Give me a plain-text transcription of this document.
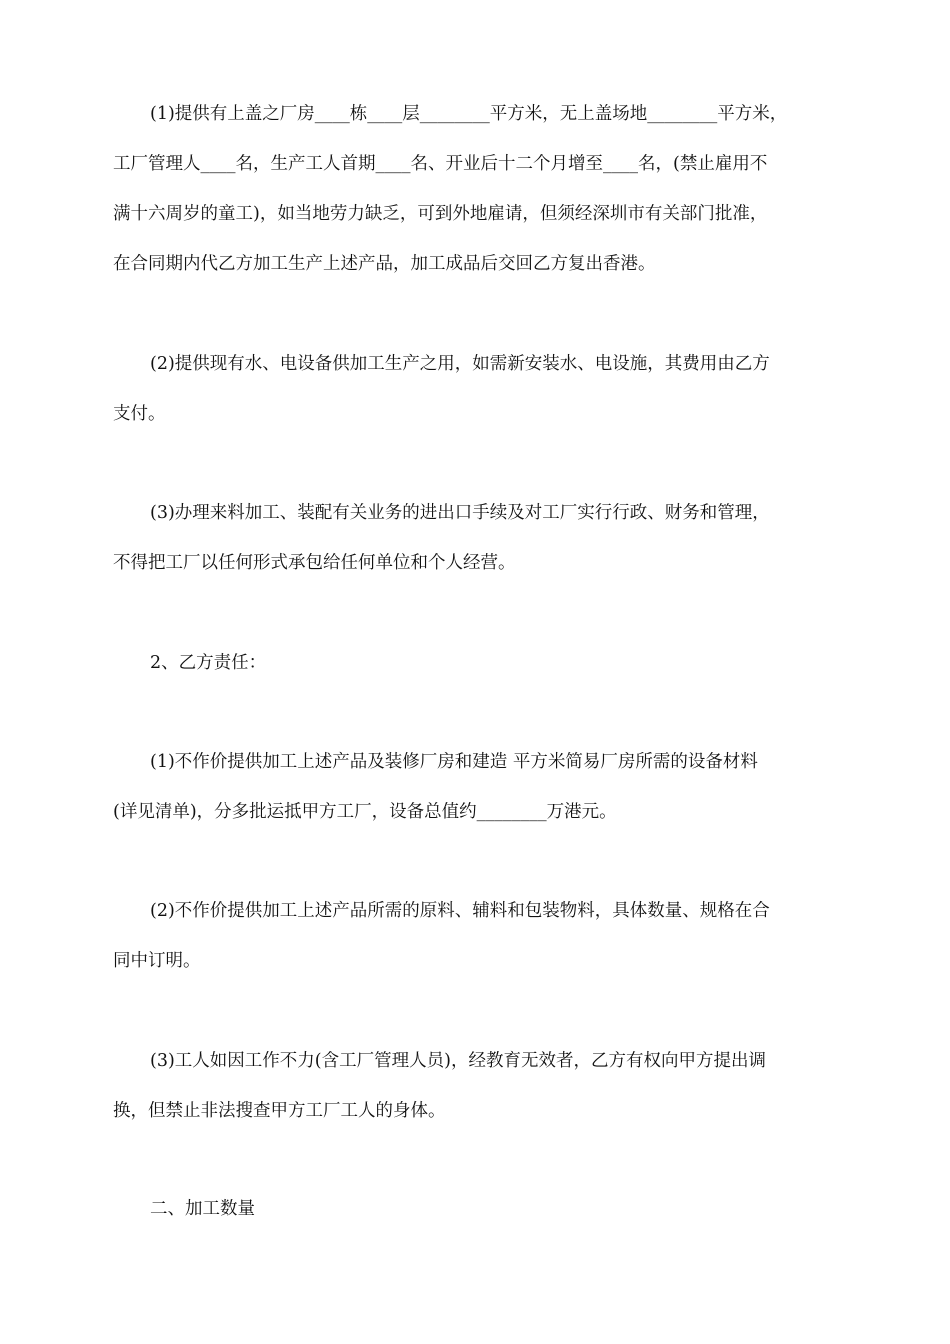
(1)提供有上盖之厂房____栋____层________平方米，无上盖场地________平方米，
工厂管理人____名，生产工人首期____名、开业后十二个月增至____名，(禁止雇用不
满十六周岁的童工)，如当地劳力缺乏，可到外地雇请，但须经深圳市有关部门批准，
在合同期内代乙方加工生产上述产品，加工成品后交回乙方复出香港。
(2)提供现有水、电设备供加工生产之用，如需新安装水、电设施，其费用由乙方
支付。
(3)办理来料加工、装配有关业务的进出口手续及对工厂实行行政、财务和管理，
不得把工厂以任何形式承包给任何单位和个人经营。
2、乙方责任：
(1)不作价提供加工上述产品及装修厂房和建造 平方米简易厂房所需的设备材料
(详见清单)，分多批运抵甲方工厂，设备总值约________万港元。
(2)不作价提供加工上述产品所需的原料、辅料和包装物料，具体数量、规格在合
同中订明。
(3)工人如因工作不力(含工厂管理人员)，经教育无效者，乙方有权向甲方提出调
换，但禁止非法搜查甲方工厂工人的身体。
二、加工数量
